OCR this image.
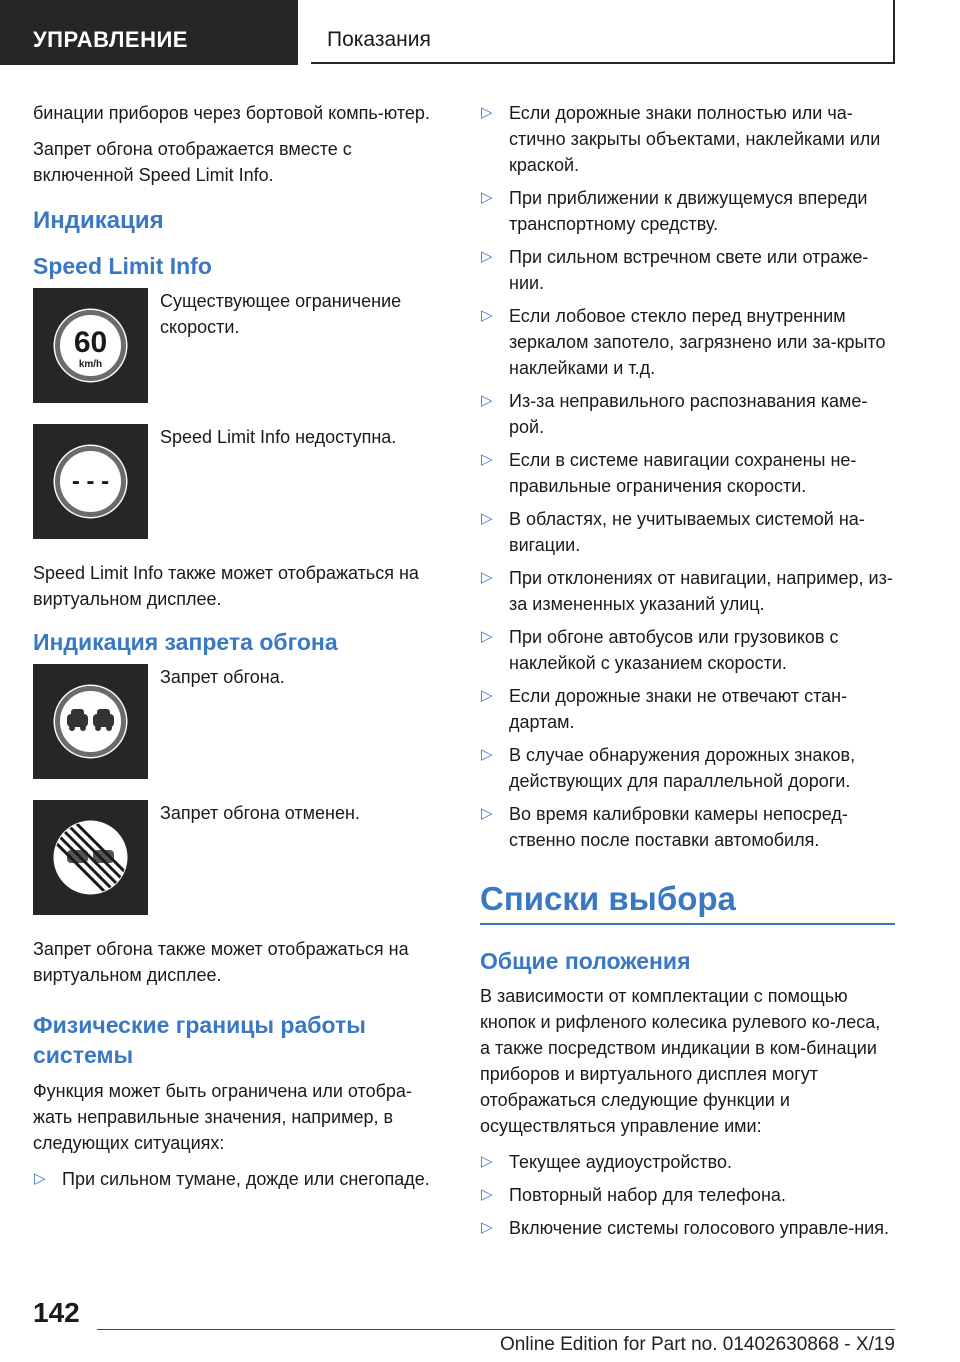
УПРАВЛЕНИЕ	Показания

бинации приборов через бортовой компь-ютер.

Запрет обгона отображается вместе с включенной Speed Limit Info.

Индикация
Speed Limit Info
60
km/h
Существующее ограничение скорости.
- - -
Speed Limit Info недоступна.

Speed Limit Info также может отображаться на виртуальном дисплее.

Индикация запрета обгона
Запрет обгона.
Запрет обгона отменен.

Запрет обгона также может отображаться на виртуальном дисплее.

Физические границы работы системы

Функция может быть ограничена или отобра-жать неправильные значения, например, в следующих ситуациях:

▷ При сильном тумане, дожде или снегопаде.
▷ Если дорожные знаки полностью или ча-стично закрыты объектами, наклейками или краской.
▷ При приближении к движущемуся впереди транспортному средству.
▷ При сильном встречном свете или отраже-нии.
▷ Если лобовое стекло перед внутренним зеркалом запотело, загрязнено или за-крыто наклейками и т.д.
▷ Из-за неправильного распознавания каме-рой.
▷ Если в системе навигации сохранены не-правильные ограничения скорости.
▷ В областях, не учитываемых системой на-вигации.
▷ При отклонениях от навигации, например, из-за измененных указаний улиц.
▷ При обгоне автобусов или грузовиков с наклейкой с указанием скорости.
▷ Если дорожные знаки не отвечают стан-дартам.
▷ В случае обнаружения дорожных знаков, действующих для параллельной дороги.
▷ Во время калибровки камеры непосред-ственно после поставки автомобиля.
Списки выбора
Общие положения

В зависимости от комплектации с помощью кнопок и рифленого колесика рулевого ко-леса, а также посредством индикации в ком-бинации приборов и виртуального дисплея могут отображаться следующие функции и осуществляться управление ими:

▷ Текущее аудиоустройство.
▷ Повторный набор для телефона.
▷ Включение системы голосового управле-ния.
142
Online Edition for Part no. 01402630868 - X/19
